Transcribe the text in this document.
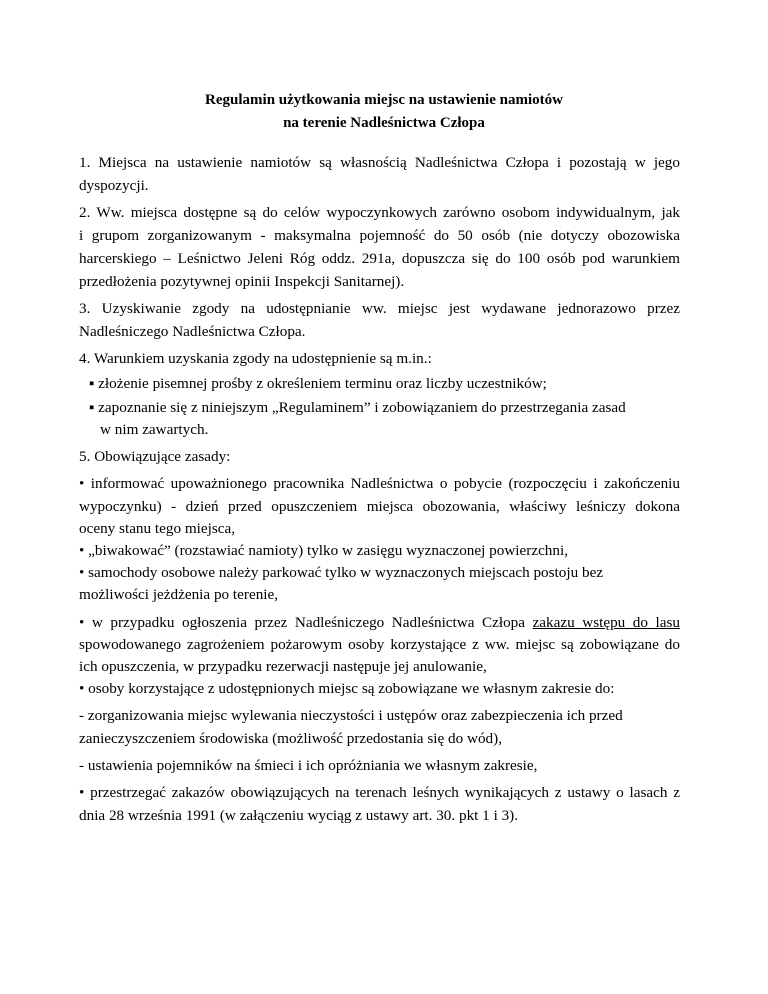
Regulamin użytkowania miejsc na ustawienie namiotów
na terenie Nadleśnictwa Człopa
1. Miejsca na ustawienie namiotów są własnością Nadleśnictwa Człopa i pozostają w jego
dyspozycji.
2. Ww. miejsca dostępne są do celów wypoczynkowych zarówno osobom indywidualnym, jak
i grupom zorganizowanym - maksymalna pojemność do 50 osób (nie dotyczy obozowiska
harcerskiego – Leśnictwo Jeleni Róg oddz. 291a, dopuszcza się do 100 osób pod warunkiem
przedłożenia pozytywnej opinii Inspekcji Sanitarnej).
3. Uzyskiwanie zgody na udostępnianie ww. miejsc jest wydawane jednorazowo przez
Nadleśniczego Nadleśnictwa Człopa.
4. Warunkiem uzyskania zgody na udostępnienie są m.in.:
▪ złożenie pisemnej prośby z określeniem terminu oraz liczby uczestników;
▪ zapoznanie się z niniejszym „Regulaminem” i zobowiązaniem do przestrzegania zasad
w nim zawartych.
5. Obowiązujące zasady:
• informować upoważnionego pracownika Nadleśnictwa o pobycie (rozpoczęciu i zakończeniu
wypoczynku) - dzień przed opuszczeniem miejsca obozowania, właściwy leśniczy dokona
oceny stanu tego miejsca,
• „biwakować” (rozstawiać namioty) tylko w zasięgu wyznaczonej powierzchni,
• samochody osobowe należy parkować tylko w wyznaczonych miejscach postoju bez
możliwości jeżdżenia po terenie,
• w przypadku ogłoszenia przez Nadleśniczego Nadleśnictwa Człopa zakazu wstępu do lasu
spowodowanego zagrożeniem pożarowym osoby korzystające z ww. miejsc są zobowiązane do
ich opuszczenia, w przypadku rezerwacji następuje jej anulowanie,
• osoby korzystające z udostępnionych miejsc są zobowiązane we własnym zakresie do:
- zorganizowania miejsc wylewania nieczystości i ustępów oraz zabezpieczenia ich przed
zanieczyszczeniem środowiska (możliwość przedostania się do wód),
- ustawienia pojemników na śmieci i ich opróżniania we własnym zakresie,
• przestrzegać zakazów obowiązujących na terenach leśnych wynikających z ustawy o lasach z
dnia 28 września 1991 (w załączeniu wyciąg z ustawy art. 30. pkt 1 i 3).
